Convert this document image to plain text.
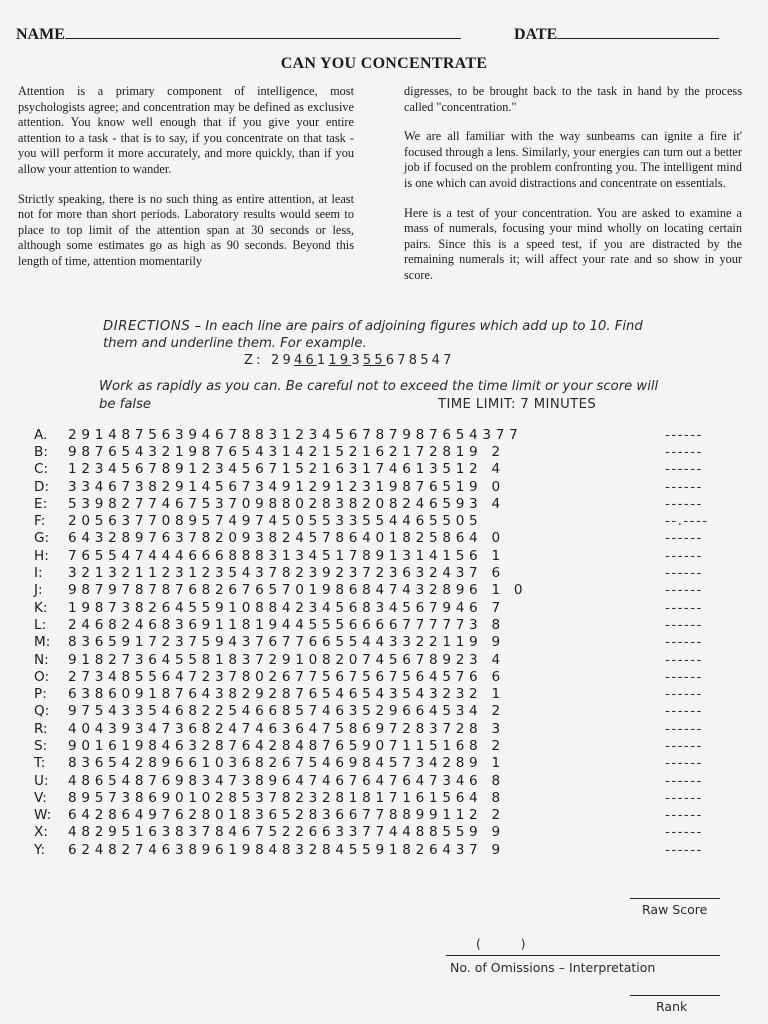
NAME	DATE
CAN YOU CONCENTRATE

Attention is a primary component of intelligence, most psychologists agree; and concentration may be defined as exclusive attention. You know well enough that if you give your entire attention to a task - that is to say, if you concentrate on that task - you will perform it more accurately, and more quickly, than if you allow your attention to wander.

Strictly speaking, there is no such thing as entire attention, at least not for more than short periods. Laboratory results would seem to place to top limit of the attention span at 30 seconds or less, although some estimates go as high as 90 seconds. Beyond this length of time, attention momentarily

digresses, to be brought back to the task in hand by the process called "concentration."

We are all familiar with the way sunbeams can ignite a fire it' focused through a lens. Similarly, your energies can turn out a better job if focused on the problem confronting you. The intelligent mind is one which can avoid distractions and concentrate on essentials.

Here is a test of your concentration. You are asked to examine a mass of numerals, focusing your mind wholly on locating certain pairs. Since this is a speed test, if you are distracted by the remaining numerals it; will affect your rate and so show in your score.

DIRECTIONS – In each line are pairs of adjoining figures which add up to 10. Find them and underline them. For example.
Z: 2946119355678547
Work as rapidly as you can. Be careful not to exceed the time limit or your score will be false	TIME LIMIT: 7 MINUTES
A.	2914875639467883123456787987654377	------
B:	9876543219876543142152162172819 2	------
C:	1234567891234567152163174613512 4	------
D:	3346738291456734912912319876519 0	------
E:	5398277467537098802838208246593 4	------
F:	2056377089574974505533554465505	--.----
G:	6432897637820938245786401825864 0	------
H:	7655474446668883134517891314156 1	------
I:	3213211231235437823923723632437 6	------
J:	9879787876826765701986847432896 1 0	------
K:	1987382645591088423456834567946 7	------
L:	2468246836911819445556666777773 8	------
M:	8365917237594376776655443322119 9	------
N:	9182736455818372910820745678923 4	------
O:	2734855647237802677567567564576 6	------
P:	6386091876438292876546543543232 1	------
Q:	9754335468225466857463529664534 2	------
R:	4043934736824746364758697283728 3	------
S:	9016198463287642848765907115168 2	------
T:	8365428966103682675469845734289 1	------
U:	4865487698347389647467647647346 8	------
V:	8957386901028537823281817161564 8	------
W:	6428649762801836528366778899112 2	------
X:	4829516383784675226633774488559 9	------
Y:	6248274638961984832845591826437 9	------
Raw Score
(          )
No. of Omissions – Interpretation
Rank
